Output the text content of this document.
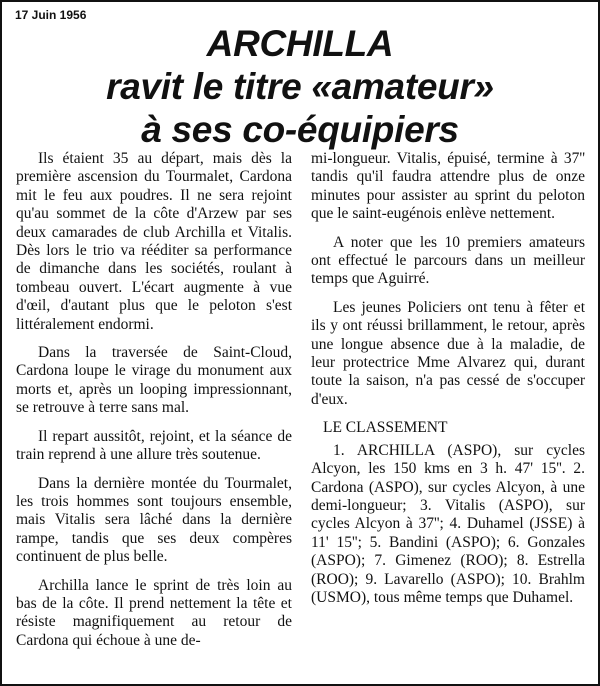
17 Juin 1956
ARCHILLA
ravit le titre «amateur»
à ses co-équipiers

Ils étaient 35 au départ, mais dès la première ascension du Tourmalet, Cardona mit le feu aux poudres. Il ne sera rejoint qu'au sommet de la côte d'Arzew par ses deux camarades de club Archilla et Vitalis. Dès lors le trio va rééditer sa performance de dimanche dans les sociétés, roulant à tombeau ouvert. L'écart augmente à vue d'œil, d'autant plus que le peloton s'est littéralement endormi.

Dans la traversée de Saint-Cloud, Cardona loupe le virage du monument aux morts et, après un looping impressionnant, se retrouve à terre sans mal.

Il repart aussitôt, rejoint, et la séance de train reprend à une allure très soutenue.

Dans la dernière montée du Tourmalet, les trois hommes sont toujours ensemble, mais Vitalis sera lâché dans la dernière rampe, tandis que ses deux compères continuent de plus belle.

Archilla lance le sprint de très loin au bas de la côte. Il prend nettement la tête et résiste magnifiquement au retour de Cardona qui échoue à une de-

mi-longueur. Vitalis, épuisé, termine à 37'' tandis qu'il faudra attendre plus de onze minutes pour assister au sprint du peloton que le saint-eugénois enlève nettement.

A noter que les 10 premiers amateurs ont effectué le parcours dans un meilleur temps que Aguirré.

Les jeunes Policiers ont tenu à fêter et ils y ont réussi brillamment, le retour, après une longue absence due à la maladie, de leur protectrice Mme Alvarez qui, durant toute la saison, n'a pas cessé de s'occuper d'eux.

LE CLASSEMENT

1. ARCHILLA (ASPO), sur cycles Alcyon, les 150 kms en 3 h. 47' 15''. 2. Cardona (ASPO), sur cycles Alcyon, à une demi-longueur; 3. Vitalis (ASPO), sur cycles Alcyon à 37''; 4. Duhamel (JSSE) à 11' 15''; 5. Bandini (ASPO); 6. Gonzales (ASPO); 7. Gimenez (ROO); 8. Estrella (ROO); 9. Lavarello (ASPO); 10. Brahlm (USMO), tous même temps que Duhamel.
